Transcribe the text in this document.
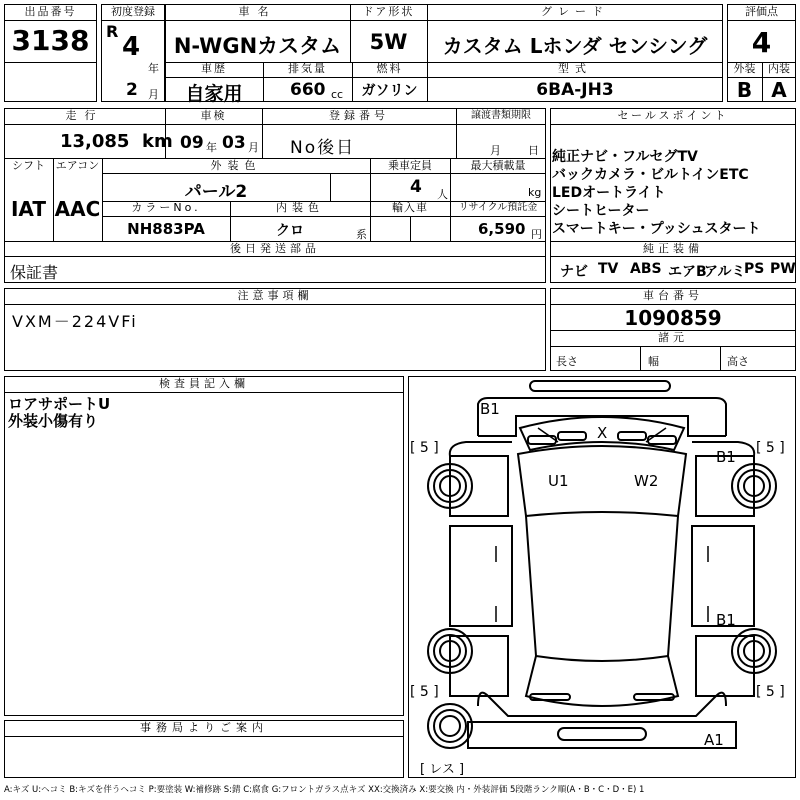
出品番号
3138
初度登録
R
4
年
2 月
車名
N-WGNカスタム
ドア形状
5W
グレード
カスタム Lホンダ センシング
車歴
自家用
排気量
660 cc
燃料
ガソリン
型式
6BA-JH3
評価点
4
外装
B
内装
A
走行
13,085 km
車検
09 年 03 月
登録番号
No後日
譲渡書類期限
月 日
シフト
IAT
エアコン
AAC
外装色
パール2
乗車定員
4 人
最大積載量
kg
カラーNo.
NH883PA
内装色
クロ	系
輸入車	リサイクル預託金
6,590 円
後日発送部品
保証書
セールスポイント
純正ナビ・フルセグTV
バックカメラ・ビルトインETC
LEDオートライト
シートヒーター
スマートキー・プッシュスタート
純正装備
ナビ TV ABS エアB
アルミ
PS PW
注意事項欄
VXM－224VFi
車台番号
1090859
諸元
長さ	幅	高さ
検査員記入欄
ロアサポートU
外装小傷有り
事務局よりご案内
B1
X
U1	W2
B1
B1
A1
[ 5 ]	[ 5 ]
[ 5 ]	[ 5 ]
[ レス ]
A:キズ U:ヘコミ B:キズを伴うヘコミ P:要塗装 W:補修跡 S:錆 C:腐食 G:フロントガラス点キズ XX:交換済み X:要交換 内・外装評価 5段階ランク順(A・B・C・D・E) 1
